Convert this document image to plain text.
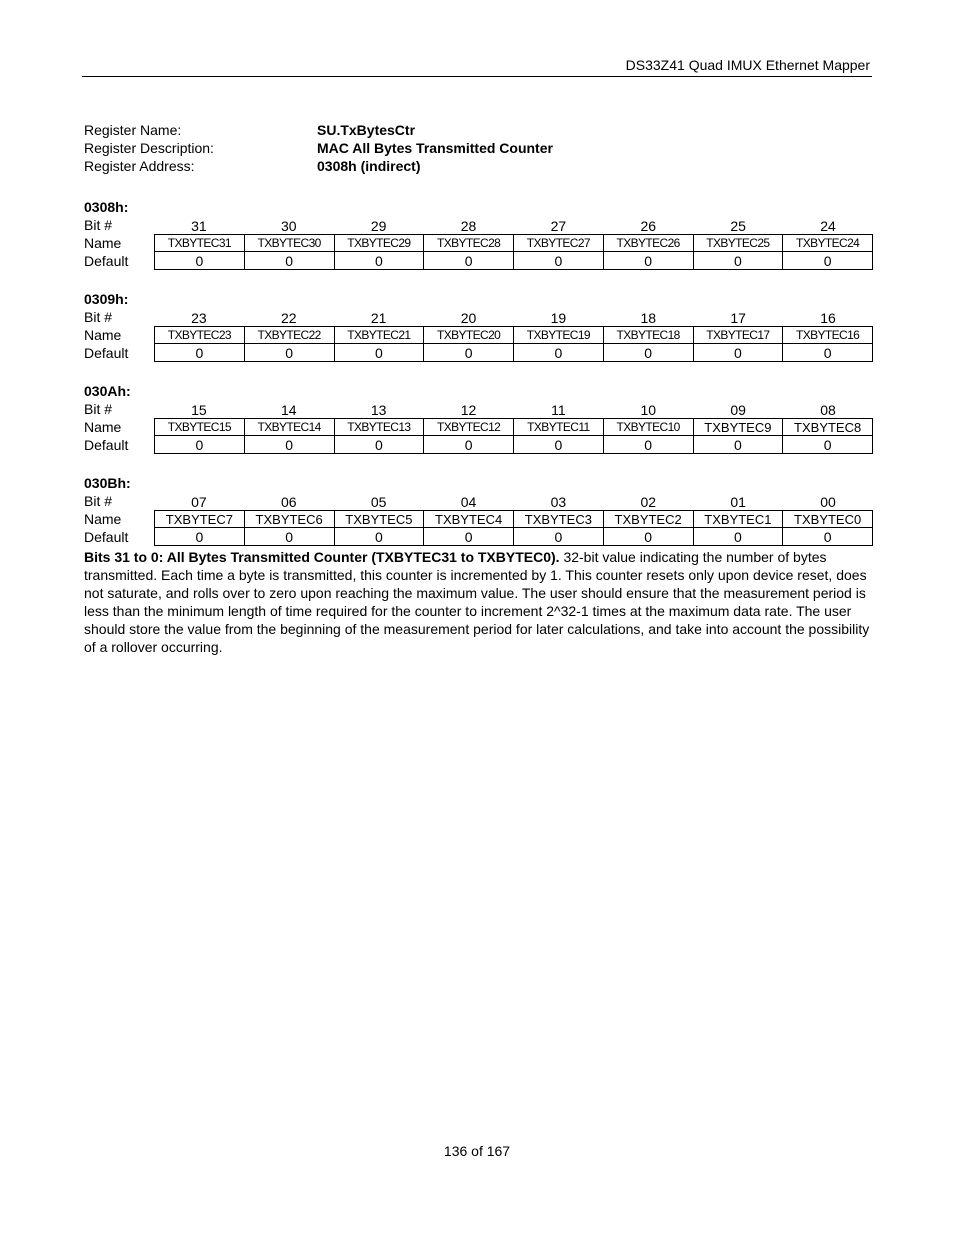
DS33Z41 Quad IMUX Ethernet Mapper
Register Name:	SU.TxBytesCtr
Register Description:	MAC All Bytes Transmitted Counter
Register Address:	0308h (indirect)
0308h:
Bit #	31	30	29	28	27	26	25	24
Name	TXBYTEC31	TXBYTEC30	TXBYTEC29	TXBYTEC28	TXBYTEC27	TXBYTEC26	TXBYTEC25	TXBYTEC24
Default	0	0	0	0	0	0	0	0
0309h:
Bit #	23	22	21	20	19	18	17	16
Name	TXBYTEC23	TXBYTEC22	TXBYTEC21	TXBYTEC20	TXBYTEC19	TXBYTEC18	TXBYTEC17	TXBYTEC16
Default	0	0	0	0	0	0	0	0
030Ah:
Bit #	15	14	13	12	11	10	09	08
Name	TXBYTEC15	TXBYTEC14	TXBYTEC13	TXBYTEC12	TXBYTEC11	TXBYTEC10	TXBYTEC9	TXBYTEC8
Default	0	0	0	0	0	0	0	0
030Bh:
Bit #	07	06	05	04	03	02	01	00
Name	TXBYTEC7	TXBYTEC6	TXBYTEC5	TXBYTEC4	TXBYTEC3	TXBYTEC2	TXBYTEC1	TXBYTEC0
Default	0	0	0	0	0	0	0	0
Bits 31 to 0: All Bytes Transmitted Counter (TXBYTEC31 to TXBYTEC0). 32-bit value indicating the number of bytes transmitted. Each time a byte is transmitted, this counter is incremented by 1. This counter resets only upon device reset, does not saturate, and rolls over to zero upon reaching the maximum value. The user should ensure that the measurement period is less than the minimum length of time required for the counter to increment 2^32-1 times at the maximum data rate. The user should store the value from the beginning of the measurement period for later calculations, and take into account the possibility of a rollover occurring.
136 of 167
